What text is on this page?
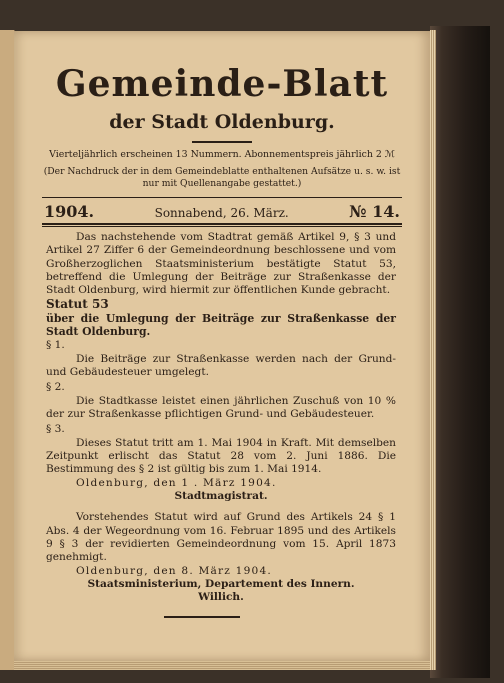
Gemeinde-Blatt
der Stadt Oldenburg.
Vierteljährlich erscheinen 13 Nummern. Abonnementspreis jährlich 2 ℳ
(Der Nachdruck der in dem Gemeindeblatte enthaltenen Aufsätze u. s. w. ist nur mit Quellenangabe gestattet.)
1904.	Sonnabend, 26. März.	№ 14.

Das nachstehende vom Stadtrat gemäß Artikel 9, § 3 und Artikel 27 Ziffer 6 der Gemeindeordnung beschlossene und vom Großherzoglichen Staatsministerium bestätigte Statut 53, betreffend die Umlegung der Beiträge zur Straßenkasse der Stadt Oldenburg, wird hiermit zur öffentlichen Kunde gebracht.

Statut 53

über die Umlegung der Beiträge zur Straßenkasse der Stadt Oldenburg.

§ 1.

Die Beiträge zur Straßenkasse werden nach der Grund- und Gebäudesteuer umgelegt.

§ 2.

Die Stadtkasse leistet einen jährlichen Zuschuß von 10 % der zur Straßenkasse pflichtigen Grund- und Gebäudesteuer.

§ 3.

Dieses Statut tritt am 1. Mai 1904 in Kraft. Mit demselben Zeitpunkt erlischt das Statut 28 vom 2. Juni 1886. Die Bestimmung des § 2 ist gültig bis zum 1. Mai 1914.

Oldenburg, den 1 . März 1904.

Stadtmagistrat.

Vorstehendes Statut wird auf Grund des Artikels 24 § 1 Abs. 4 der Wegeordnung vom 16. Februar 1895 und des Artikels 9 § 3 der revidierten Gemeindeordnung vom 15. April 1873 genehmigt.

Oldenburg, den 8. März 1904.

Staatsministerium, Departement des Innern.

Willich.
